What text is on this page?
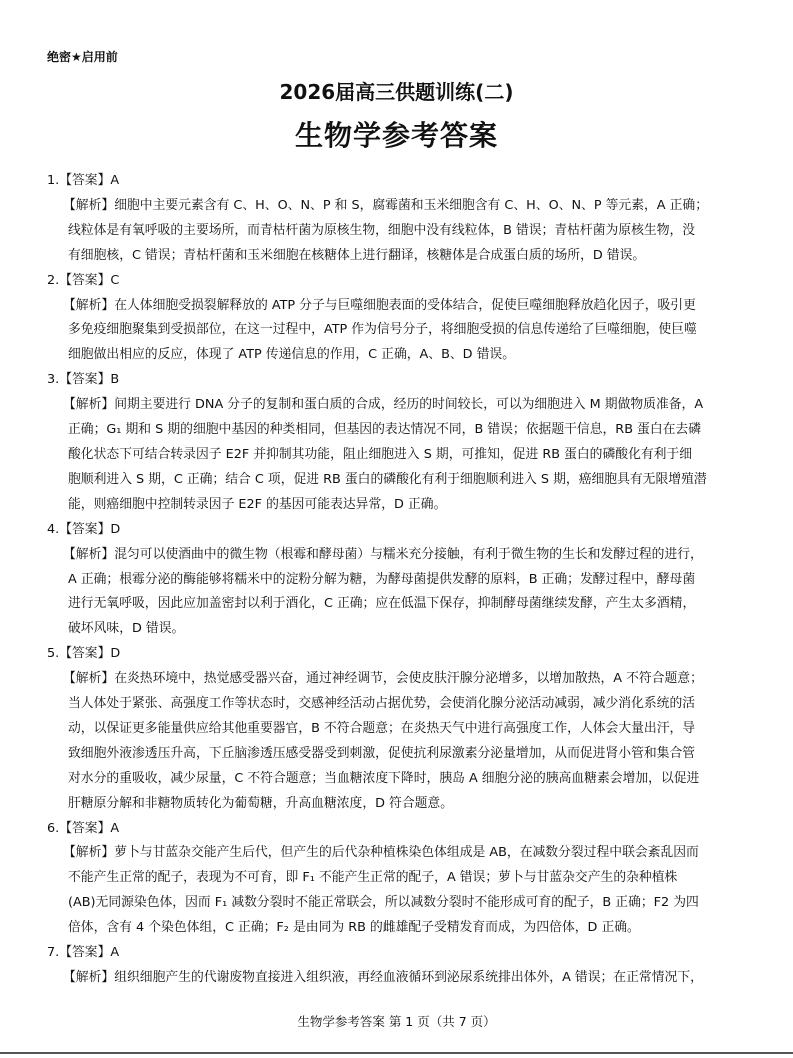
绝密★启用前
2026届高三供题训练(二)
生物学参考答案
1.【答案】A
【解析】细胞中主要元素含有 C、H、O、N、P 和 S，腐霉菌和玉米细胞含有 C、H、O、N、P 等元素，A 正确；
线粒体是有氧呼吸的主要场所，而青枯杆菌为原核生物，细胞中没有线粒体，B 错误；青枯杆菌为原核生物，没
有细胞核，C 错误；青枯杆菌和玉米细胞在核糖体上进行翻译，核糖体是合成蛋白质的场所，D 错误。
2.【答案】C
【解析】在人体细胞受损裂解释放的 ATP 分子与巨噬细胞表面的受体结合，促使巨噬细胞释放趋化因子，吸引更
多免疫细胞聚集到受损部位，在这一过程中，ATP 作为信号分子，将细胞受损的信息传递给了巨噬细胞，使巨噬
细胞做出相应的反应，体现了 ATP 传递信息的作用，C 正确，A、B、D 错误。
3.【答案】B
【解析】间期主要进行 DNA 分子的复制和蛋白质的合成，经历的时间较长，可以为细胞进入 M 期做物质准备，A
正确；G₁ 期和 S 期的细胞中基因的种类相同，但基因的表达情况不同，B 错误；依据题干信息，RB 蛋白在去磷
酸化状态下可结合转录因子 E2F 并抑制其功能，阻止细胞进入 S 期，可推知，促进 RB 蛋白的磷酸化有利于细
胞顺利进入 S 期，C 正确；结合 C 项，促进 RB 蛋白的磷酸化有利于细胞顺利进入 S 期，癌细胞具有无限增殖潜
能，则癌细胞中控制转录因子 E2F 的基因可能表达异常，D 正确。
4.【答案】D
【解析】混匀可以使酒曲中的微生物（根霉和酵母菌）与糯米充分接触，有利于微生物的生长和发酵过程的进行，
A 正确；根霉分泌的酶能够将糯米中的淀粉分解为糖，为酵母菌提供发酵的原料，B 正确；发酵过程中，酵母菌
进行无氧呼吸，因此应加盖密封以利于酒化，C 正确；应在低温下保存，抑制酵母菌继续发酵，产生太多酒精，
破坏风味，D 错误。
5.【答案】D
【解析】在炎热环境中，热觉感受器兴奋，通过神经调节，会使皮肤汗腺分泌增多，以增加散热，A 不符合题意；
当人体处于紧张、高强度工作等状态时，交感神经活动占据优势，会使消化腺分泌活动减弱，减少消化系统的活
动，以保证更多能量供应给其他重要器官，B 不符合题意；在炎热天气中进行高强度工作，人体会大量出汗，导
致细胞外液渗透压升高，下丘脑渗透压感受器受到刺激，促使抗利尿激素分泌量增加，从而促进肾小管和集合管
对水分的重吸收，减少尿量，C 不符合题意；当血糖浓度下降时，胰岛 A 细胞分泌的胰高血糖素会增加，以促进
肝糖原分解和非糖物质转化为葡萄糖，升高血糖浓度，D 符合题意。
6.【答案】A
【解析】萝卜与甘蓝杂交能产生后代，但产生的后代杂种植株染色体组成是 AB，在减数分裂过程中联会紊乱因而
不能产生正常的配子，表现为不可育，即 F₁ 不能产生正常的配子，A 错误；萝卜与甘蓝杂交产生的杂种植株
(AB)无同源染色体，因而 F₁ 减数分裂时不能正常联会，所以减数分裂时不能形成可育的配子，B 正确；F2 为四
倍体，含有 4 个染色体组，C 正确；F₂ 是由同为 RB 的雌雄配子受精发育而成，为四倍体，D 正确。
7.【答案】A
【解析】组织细胞产生的代谢废物直接进入组织液，再经血液循环到泌尿系统排出体外，A 错误；在正常情况下，
生物学参考答案 第 1 页（共 7 页）
